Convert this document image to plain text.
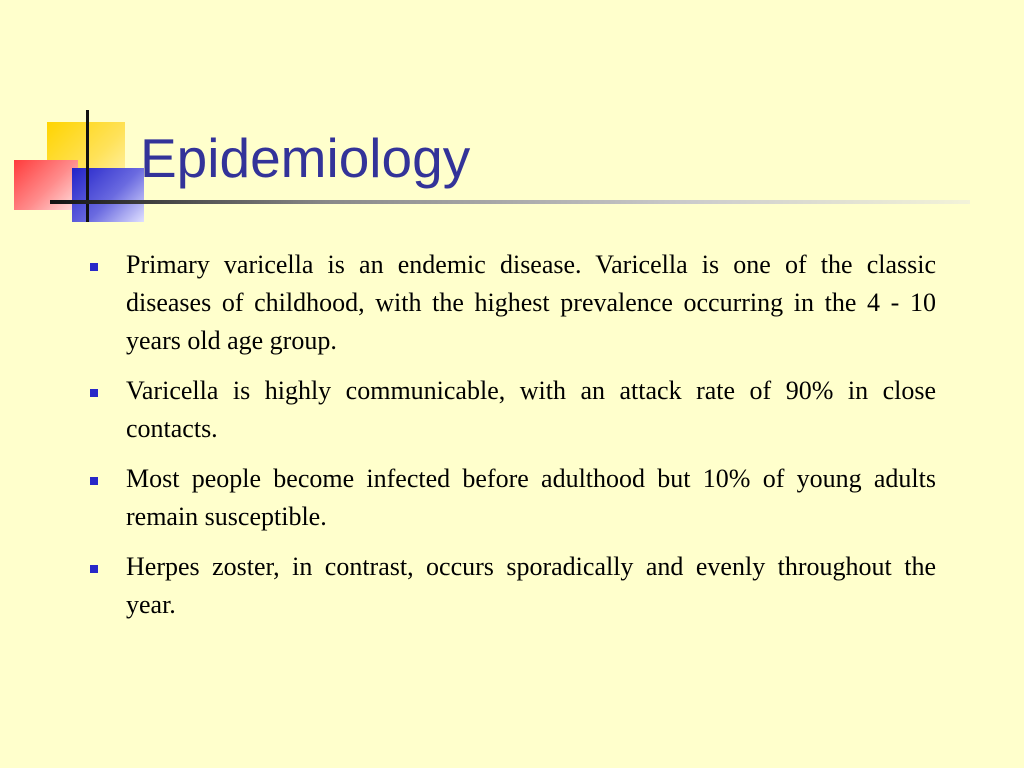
Epidemiology
Primary varicella is an endemic disease. Varicella is one of the classic diseases of childhood, with the highest prevalence occurring in the 4 - 10 years old age group.
Varicella is highly communicable, with an attack rate of 90% in close contacts.
Most people become infected before adulthood but 10% of young adults remain susceptible.
Herpes zoster, in contrast, occurs sporadically and evenly throughout the year.
